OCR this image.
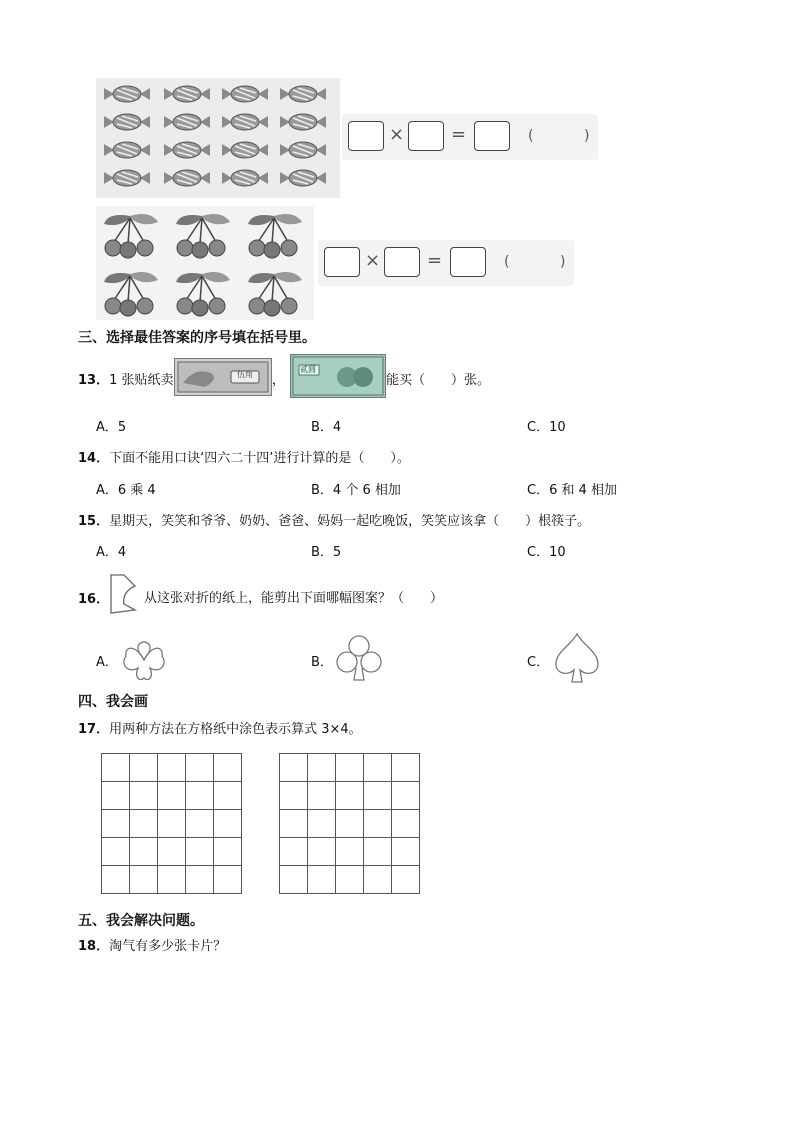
×	=	(	)
×	=	(	)
三、选择最佳答案的序号填在括号里。
13．1 张贴纸卖	伍角 ，
贰圆
能买（　　）张。
A．5	B．4	C．10
14．下面不能用口诀‘四六二十四’进行计算的是（　　）。
A．6 乘 4	B．4 个 6 相加	C．6 和 4 相加
15．星期天，笑笑和爷爷、奶奶、爸爸、妈妈一起吃晚饭，笑笑应该拿（　　）根筷子。
A．4	B．5	C．10
16．	从这张对折的纸上，能剪出下面哪幅图案？（　　）
A．	B．	C．
四、我会画
17．用两种方法在方格纸中涂色表示算式 3×4。

五、我会解决问题。
18．淘气有多少张卡片？
